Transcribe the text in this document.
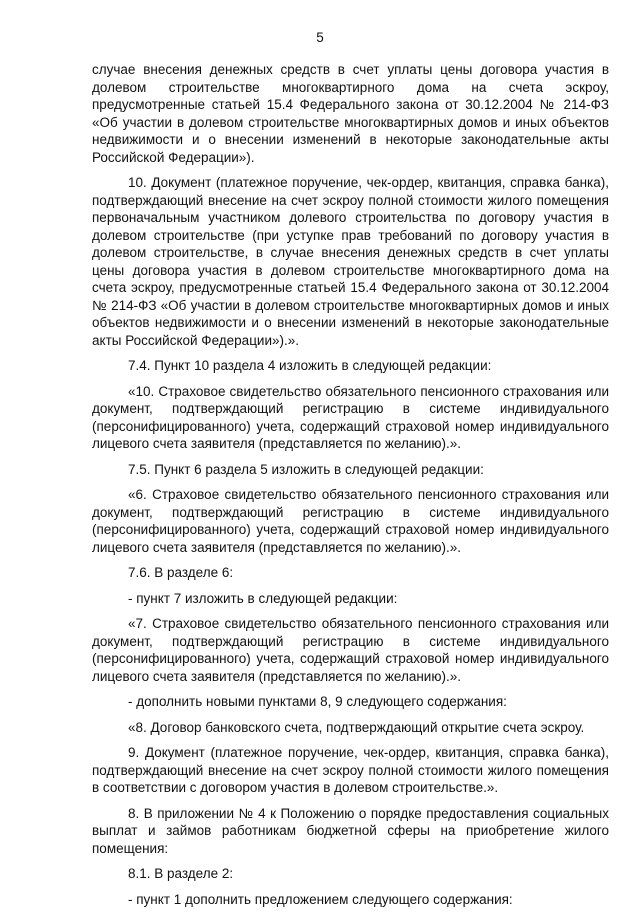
5

случае внесения денежных средств в счет уплаты цены договора участия в долевом строительстве многоквартирного дома на счета эскроу, предусмотренные статьей 15.4 Федерального закона от 30.12.2004 № 214-ФЗ «Об участии в долевом строительстве многоквартирных домов и иных объектов недвижимости и о внесении изменений в некоторые законодательные акты Российской Федерации»).

10. Документ (платежное поручение, чек-ордер, квитанция, справка банка), подтверждающий внесение на счет эскроу полной стоимости жилого помещения первоначальным участником долевого строительства по договору участия в долевом строительстве (при уступке прав требований по договору участия в долевом строительстве, в случае внесения денежных средств в счет уплаты цены договора участия в долевом строительстве многоквартирного дома на счета эскроу, предусмотренные статьей 15.4 Федерального закона от 30.12.2004 № 214-ФЗ «Об участии в долевом строительстве многоквартирных домов и иных объектов недвижимости и о внесении изменений в некоторые законодательные акты Российской Федерации»).».

7.4. Пункт 10 раздела 4 изложить в следующей редакции:

«10. Страховое свидетельство обязательного пенсионного страхования или документ, подтверждающий регистрацию в системе индивидуального (персонифицированного) учета, содержащий страховой номер индивидуального лицевого счета заявителя (представляется по желанию).».

7.5. Пункт 6 раздела 5 изложить в следующей редакции:

«6. Страховое свидетельство обязательного пенсионного страхования или документ, подтверждающий регистрацию в системе индивидуального (персонифицированного) учета, содержащий страховой номер индивидуального лицевого счета заявителя (представляется по желанию).».

7.6. В разделе 6:

- пункт 7 изложить в следующей редакции:

«7. Страховое свидетельство обязательного пенсионного страхования или документ, подтверждающий регистрацию в системе индивидуального (персонифицированного) учета, содержащий страховой номер индивидуального лицевого счета заявителя (представляется по желанию).».

- дополнить новыми пунктами 8, 9 следующего содержания:

«8. Договор банковского счета, подтверждающий открытие счета эскроу.

9. Документ (платежное поручение, чек-ордер, квитанция, справка банка), подтверждающий внесение на счет эскроу полной стоимости жилого помещения в соответствии с договором участия в долевом строительстве.».

8. В приложении № 4 к Положению о порядке предоставления социальных выплат и займов работникам бюджетной сферы на приобретение жилого помещения:

8.1. В разделе 2:

- пункт 1 дополнить предложением следующего содержания:
